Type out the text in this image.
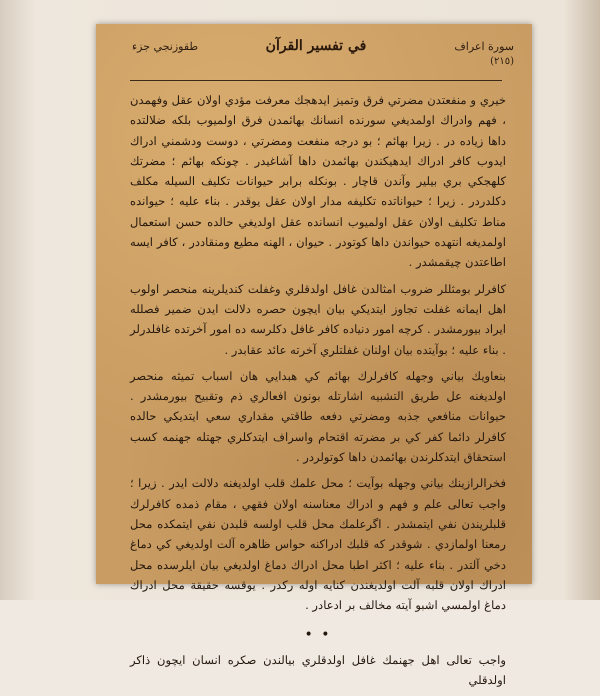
سورة اعراف
(٢١٥)
في تفسير القرآن
طقوزنجي جزء

خيري و منفعتدن مضرتي فرق وتميز ايدهجك معرفت مؤدي اولان عقل وفهمدن ، فهم وادراك اولمديغي سورنده انسانك بهائمدن فرق اولميوب بلكه ضلالتده داها زياده در . زيرا بهائم ؛ بو درجه منفعت ومضرتي ، دوست ودشمني ادراك ايدوب كافر ادراك ايدهيكندن بهائمدن داها آشاغيدر . چونكه بهائم ؛ مضرتك كلهجكي بري بيلير وآندن قاچار . بونكله برابر حيوانات تكليف السيله مكلف دكلدردر . زيرا ؛ حيواناتده تكليفه مدار اولان عقل يوقدر . بناء عليه ؛ حيوانده مناط تكليف اولان عقل اولميوب انسانده عقل اولديغي حالده حسن استعمال اولمديغه انتهده حيواندن داها كوتودر . حيوان ، الهنه مطيع ومنقاددر ، كافر ايسه اطاعتدن چيقمشدر .

كافرلر بومثللر ضروب امثالدن غافل اولدقلري وغفلت كنديلرينه منحصر اولوب اهل ايمانه غفلت تجاوز ايتديكي بيان ايچون حصره دلالت ايدن ضمير فصلله ايراد بيورمشدر . كرچه امور دنياده كافر غافل دكلرسه ده امور آخرتده غافلدرلر . بناء عليه ؛ بوآيتده بيان اولنان غفلتلري آخرته عائد عقابدر .

بنعاويك بياني وجهله كافرلرك بهائم كي هبدايي هان اسباب تميثه منحصر اولديغنه عل طريق التشبيه اشارتله بونون افعالري ذم وتقبيح بيورمشدر . حيوانات منافعي جذبه ومضرتي دفعه طاقتي مقداري سعي ايتديكي حالده كافرلر دائما كفر كي بر مضرته اقتحام واسراف ايتدكلري جهتله جهنمه كسب استحقاق ايتدكلرندن بهائمدن داها كوتولردر .

فخرالرازينك بياني وجهله بوآيت ؛ محل علمك قلب اولديغنه دلالت ايدر . زيرا ؛ واجب تعالى علم و فهم و ادراك معناسنه اولان فقهي ، مقام ذمده كافرلرك قلبلريندن نفي ايتمشدر . اگرعلمك محل قلب اولسه قلبدن نفي ايتمكده محل رمعنا اولمازدي . شوقدر كه قلبك ادراكنه حواس ظاهره آلت اولديغي كي دماغ دخي آلتدر . بناء عليه ؛ اكثر اطبا محل ادراك دماغ اولديغي بيان ايلرسده محل ادراك اولان قلبه آلت اولديغندن كنايه اوله ركدر . يوقسه حقيقة محل ادراك دماغ اولمسي اشبو آيته مخالف بر ادعادر .

• •

واجب تعالى اهل جهنمك غافل اولدقلري بيالندن صكره انسان ايچون ذاكر اولدقلي
